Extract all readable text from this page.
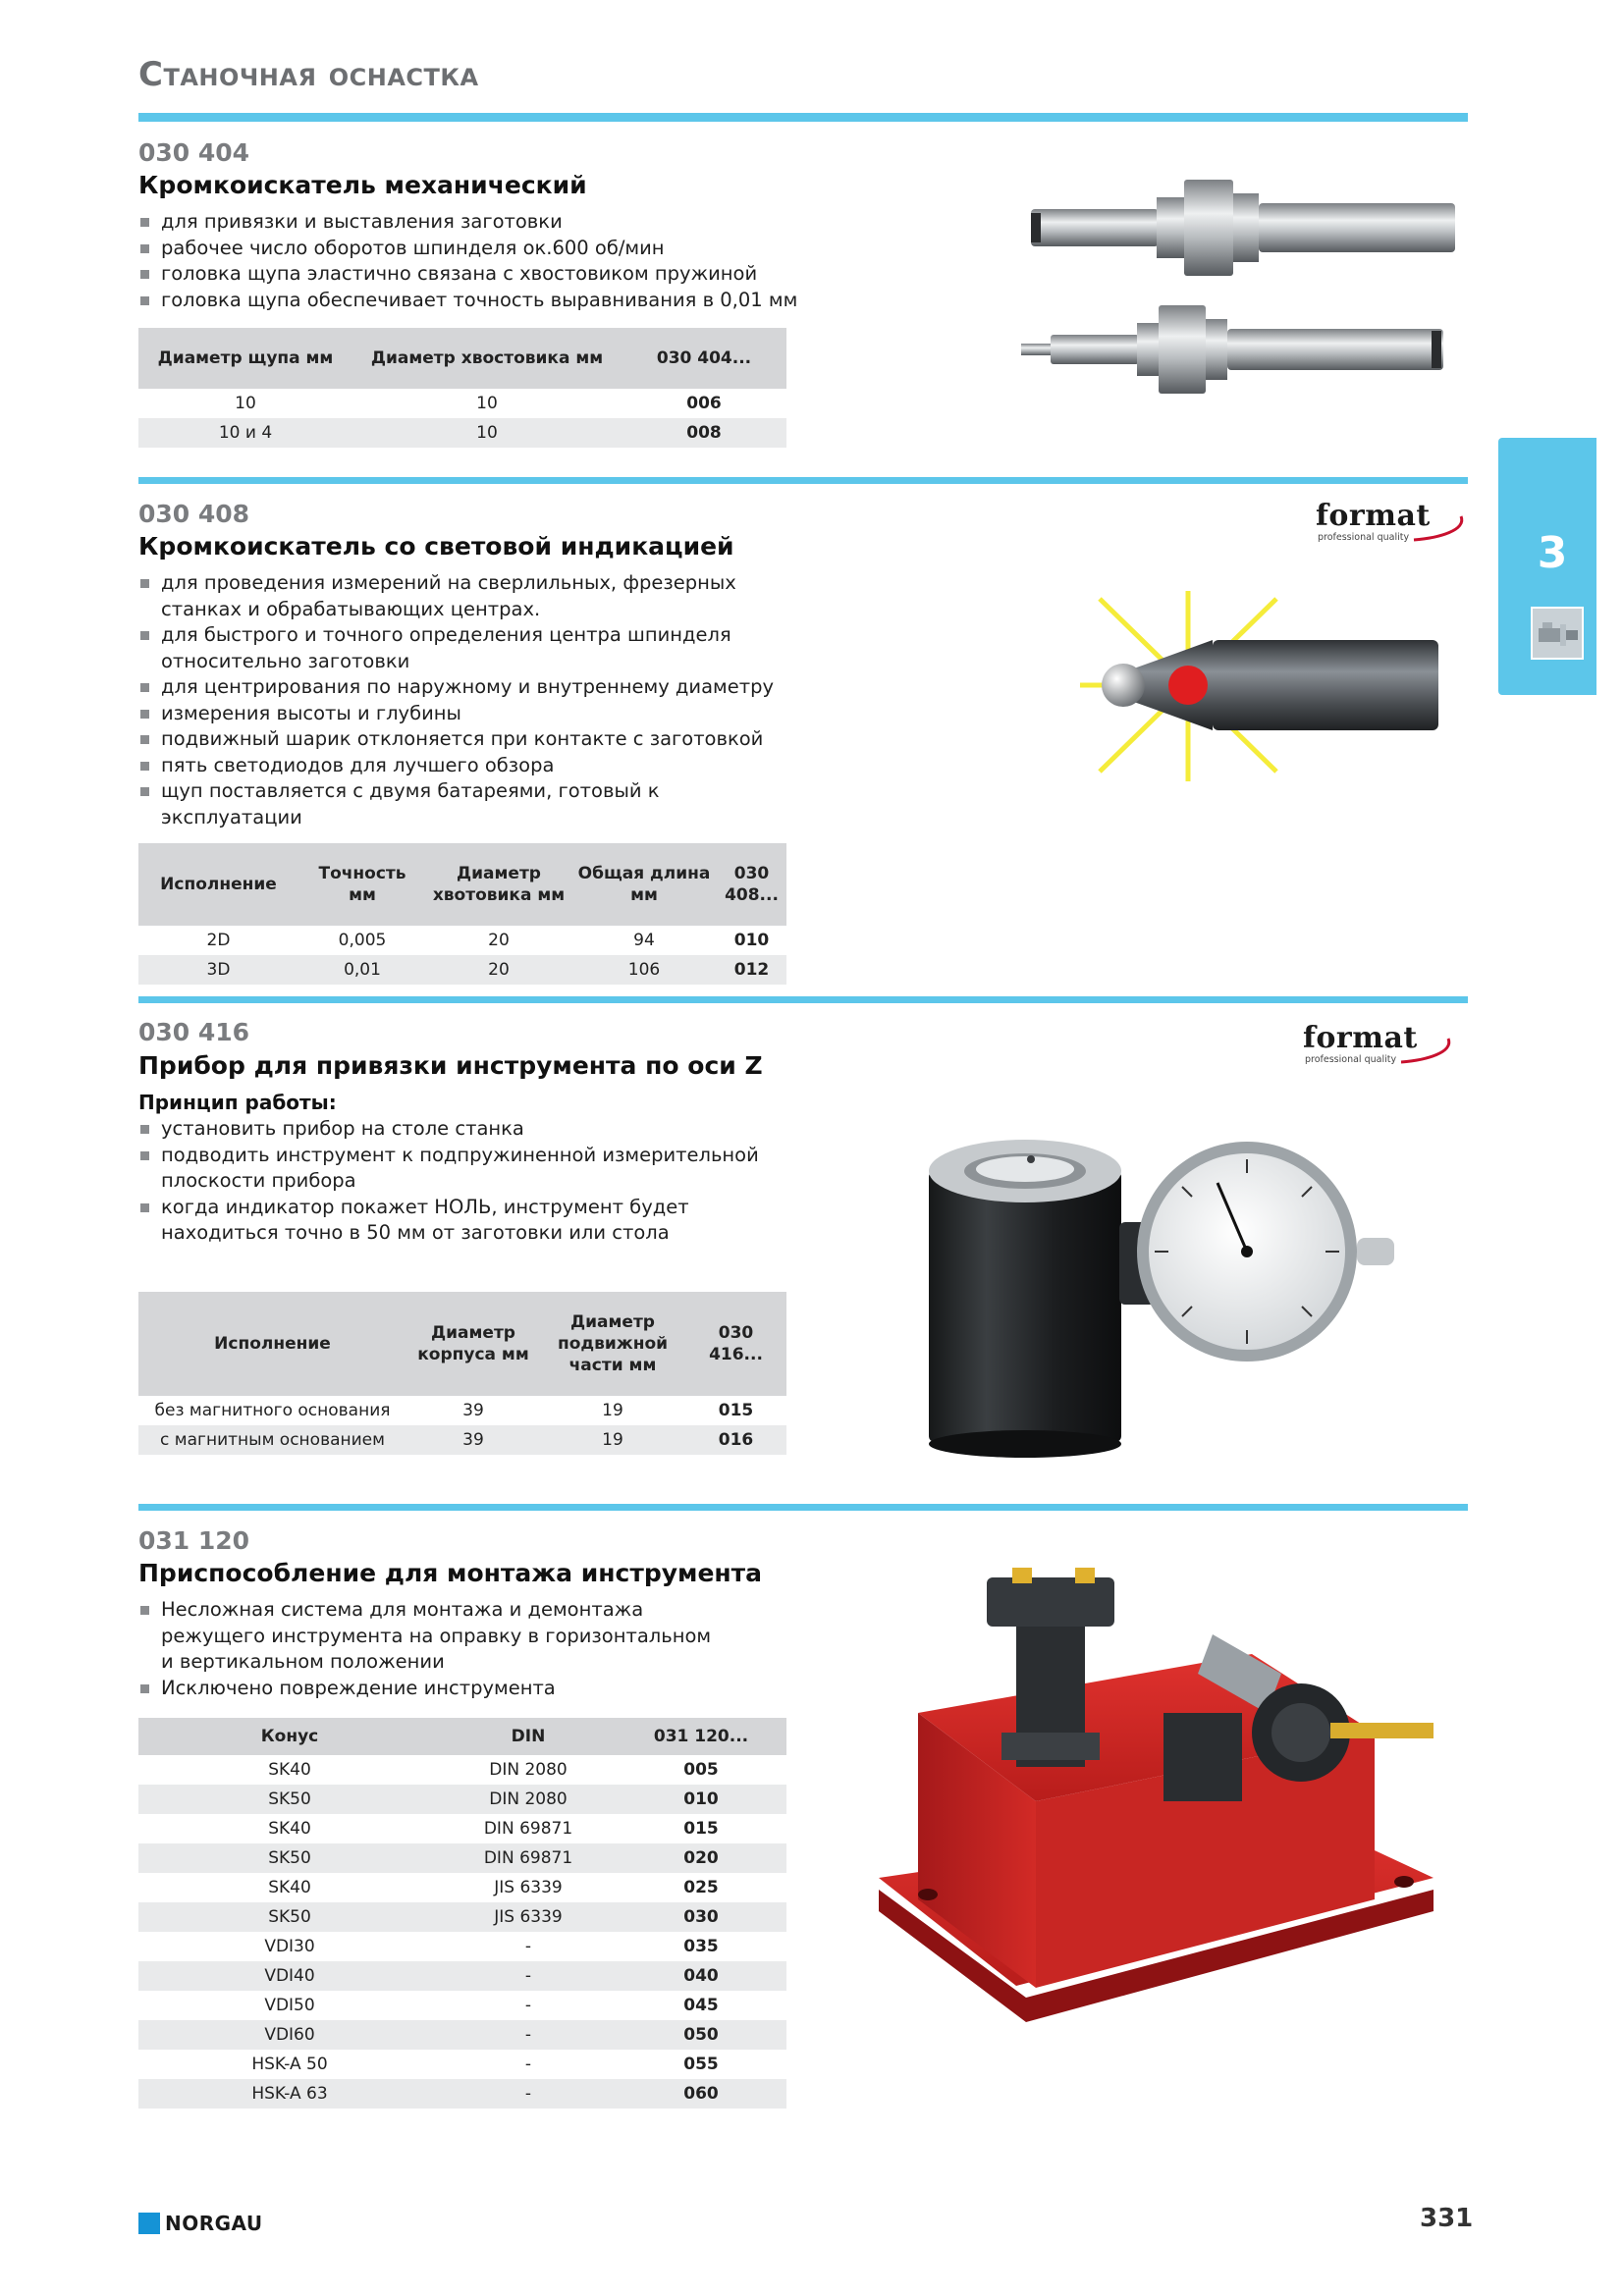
Станочная оснастка
3
030 404
Кромкоискатель механический
для привязки и выставления заготовки
рабочее число оборотов шпинделя ок.600 об/мин
головка щупа эластично связана с хвостовиком пружиной
головка щупа обеспечивает точность выравнивания в 0,01 мм
Диаметр щупа мм	Диаметр хвостовика мм	030 404...
10	10	006
10 и 4	10	008
030 408
Кромкоискатель со световой индикацией
format
professional quality
для проведения измерений на сверлильных, фрезерных станках и обрабатывающих центрах.
для быстрого и точного определения центра шпинделя относительно заготовки
для центрирования по наружному и внутреннему диаметру
измерения высоты и глубины
подвижный шарик отклоняется при контакте с заготовкой
пять светодиодов для лучшего обзора
щуп поставляется с двумя батареями, готовый к эксплуатации
Исполнение	Точность мм	Диаметр хвотовика мм	Общая длина мм	030 408...
2D	0,005	20	94	010
3D	0,01	20	106	012
030 416
Прибор для привязки инструмента по оси Z
format
professional quality
Принцип работы:
установить прибор на столе станка
подводить инструмент к подпружиненной измерительной плоскости прибора
когда индикатор покажет НОЛЬ, инструмент будет находиться точно в 50 мм от заготовки или стола
Исполнение	Диаметр корпуса мм	Диаметр подвижной части мм	030 416...
без магнитного основания	39	19	015
с магнитным основанием	39	19	016
031 120
Приспособление для монтажа инструмента
Несложная система для монтажа и демонтажа режущего инструмента на оправку в горизонтальном и вертикальном положении
Исключено повреждение инструмента
Конус	DIN	031 120...
SK40	DIN 2080	005
SK50	DIN 2080	010
SK40	DIN 69871	015
SK50	DIN 69871	020
SK40	JIS 6339	025
SK50	JIS 6339	030
VDI30	-	035
VDI40	-	040
VDI50	-	045
VDI60	-	050
HSK-A 50	-	055
HSK-A 63	-	060
NORGAU	331
